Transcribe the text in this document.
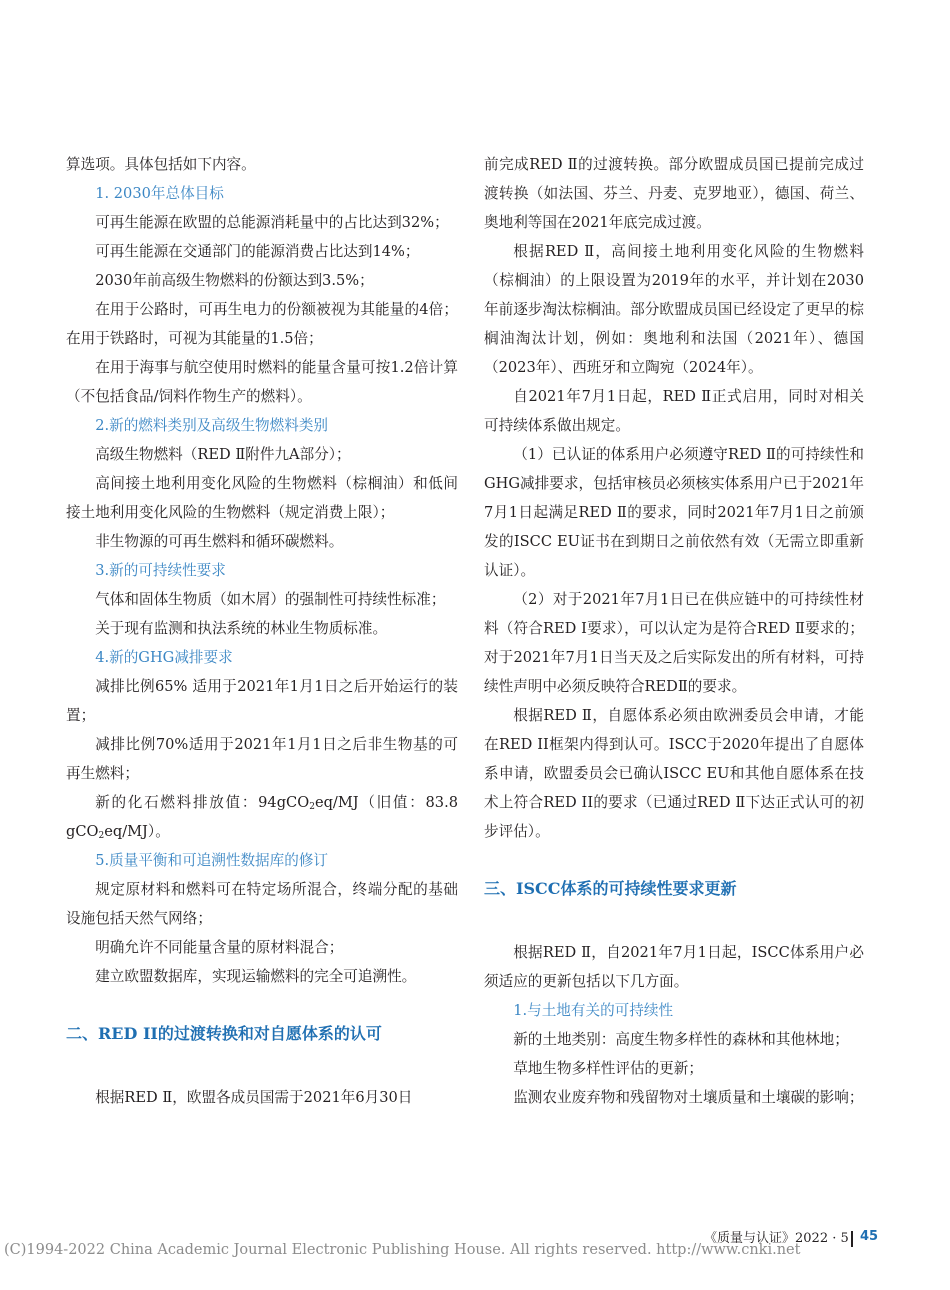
算选项。具体包括如下内容。

1. 2030年总体目标

可再生能源在欧盟的总能源消耗量中的占比达到32%；

可再生能源在交通部门的能源消费占比达到14%；

2030年前高级生物燃料的份额达到3.5%；

在用于公路时，可再生电力的份额被视为其能量的4倍；在用于铁路时，可视为其能量的1.5倍；

在用于海事与航空使用时燃料的能量含量可按1.2倍计算（不包括食品/饲料作物生产的燃料）。

2.新的燃料类别及高级生物燃料类别

高级生物燃料（RED Ⅱ附件九A部分）；

高间接土地利用变化风险的生物燃料（棕榈油）和低间接土地利用变化风险的生物燃料（规定消费上限）；

非生物源的可再生燃料和循环碳燃料。

3.新的可持续性要求

气体和固体生物质（如木屑）的强制性可持续性标准；

关于现有监测和执法系统的林业生物质标准。

4.新的GHG减排要求

减排比例65% 适用于2021年1月1日之后开始运行的装置；

减排比例70%适用于2021年1月1日之后非生物基的可再生燃料；

新的化石燃料排放值：94gCO$_2$eq/MJ（旧值：83.8 gCO$_2$eq/MJ）。

5.质量平衡和可追溯性数据库的修订

规定原材料和燃料可在特定场所混合，终端分配的基础设施包括天然气网络；

明确允许不同能量含量的原材料混合；

建立欧盟数据库，实现运输燃料的完全可追溯性。

二、RED II的过渡转换和对自愿体系的认可

根据RED Ⅱ，欧盟各成员国需于2021年6月30日

前完成RED Ⅱ的过渡转换。部分欧盟成员国已提前完成过渡转换（如法国、芬兰、丹麦、克罗地亚），德国、荷兰、奥地利等国在2021年底完成过渡。

根据RED Ⅱ，高间接土地利用变化风险的生物燃料（棕榈油）的上限设置为2019年的水平，并计划在2030年前逐步淘汰棕榈油。部分欧盟成员国已经设定了更早的棕榈油淘汰计划，例如：奥地利和法国（2021年）、德国（2023年）、西班牙和立陶宛（2024年）。

自2021年7月1日起，RED Ⅱ正式启用，同时对相关可持续体系做出规定。

（1）已认证的体系用户必须遵守RED Ⅱ的可持续性和GHG减排要求，包括审核员必须核实体系用户已于2021年7月1日起满足RED Ⅱ的要求，同时2021年7月1日之前颁发的ISCC EU证书在到期日之前依然有效（无需立即重新认证）。

（2）对于2021年7月1日已在供应链中的可持续性材料（符合RED Ⅰ要求），可以认定为是符合RED Ⅱ要求的；对于2021年7月1日当天及之后实际发出的所有材料，可持续性声明中必须反映符合REDⅡ的要求。

根据RED Ⅱ，自愿体系必须由欧洲委员会申请，才能在RED II框架内得到认可。ISCC于2020年提出了自愿体系申请，欧盟委员会已确认ISCC EU和其他自愿体系在技术上符合RED II的要求（已通过RED Ⅱ下达正式认可的初步评估）。

三、ISCC体系的可持续性要求更新

根据RED Ⅱ，自2021年7月1日起，ISCC体系用户必须适应的更新包括以下几方面。

1.与土地有关的可持续性

新的土地类别：高度生物多样性的森林和其他林地；

草地生物多样性评估的更新；

监测农业废弃物和残留物对土壤质量和土壤碳的影响；

《质量与认证》2022 · 5 45
(C)1994-2022 China Academic Journal Electronic Publishing House. All rights reserved. http://www.cnki.net
